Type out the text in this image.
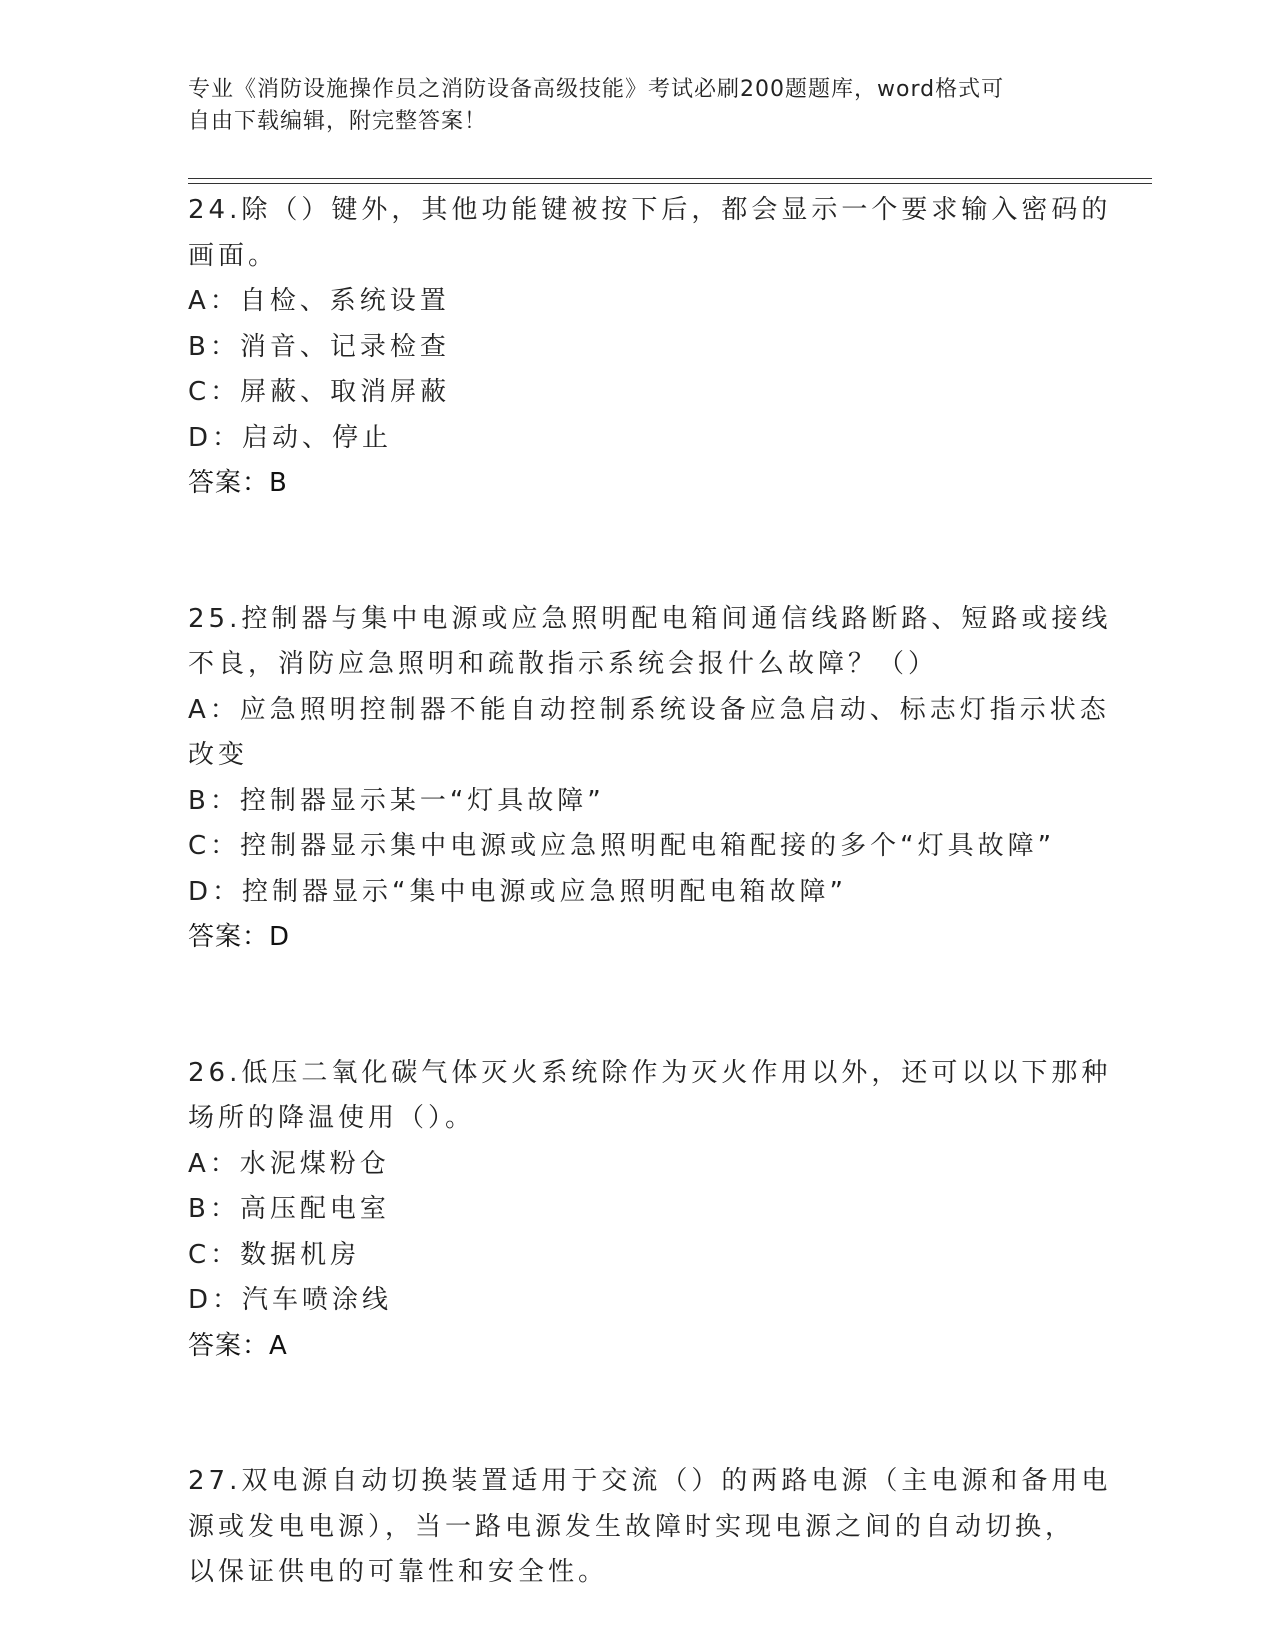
专业《消防设施操作员之消防设备高级技能》考试必刷200题题库，word格式可
自由下载编辑，附完整答案！
24.除（）键外，其他功能键被按下后，都会显示一个要求输入密码的
画面。
A：自检、系统设置
B：消音、记录检查
C：屏蔽、取消屏蔽
D：启动、停止
答案：B
25.控制器与集中电源或应急照明配电箱间通信线路断路、短路或接线
不良，消防应急照明和疏散指示系统会报什么故障？（）
A：应急照明控制器不能自动控制系统设备应急启动、标志灯指示状态
改变
B：控制器显示某一“灯具故障”
C：控制器显示集中电源或应急照明配电箱配接的多个“灯具故障”
D：控制器显示“集中电源或应急照明配电箱故障”
答案：D
26.低压二氧化碳气体灭火系统除作为灭火作用以外，还可以以下那种
场所的降温使用（）。
A：水泥煤粉仓
B：高压配电室
C：数据机房
D：汽车喷涂线
答案：A
27.双电源自动切换装置适用于交流（）的两路电源（主电源和备用电
源或发电电源），当一路电源发生故障时实现电源之间的自动切换，
以保证供电的可靠性和安全性。
